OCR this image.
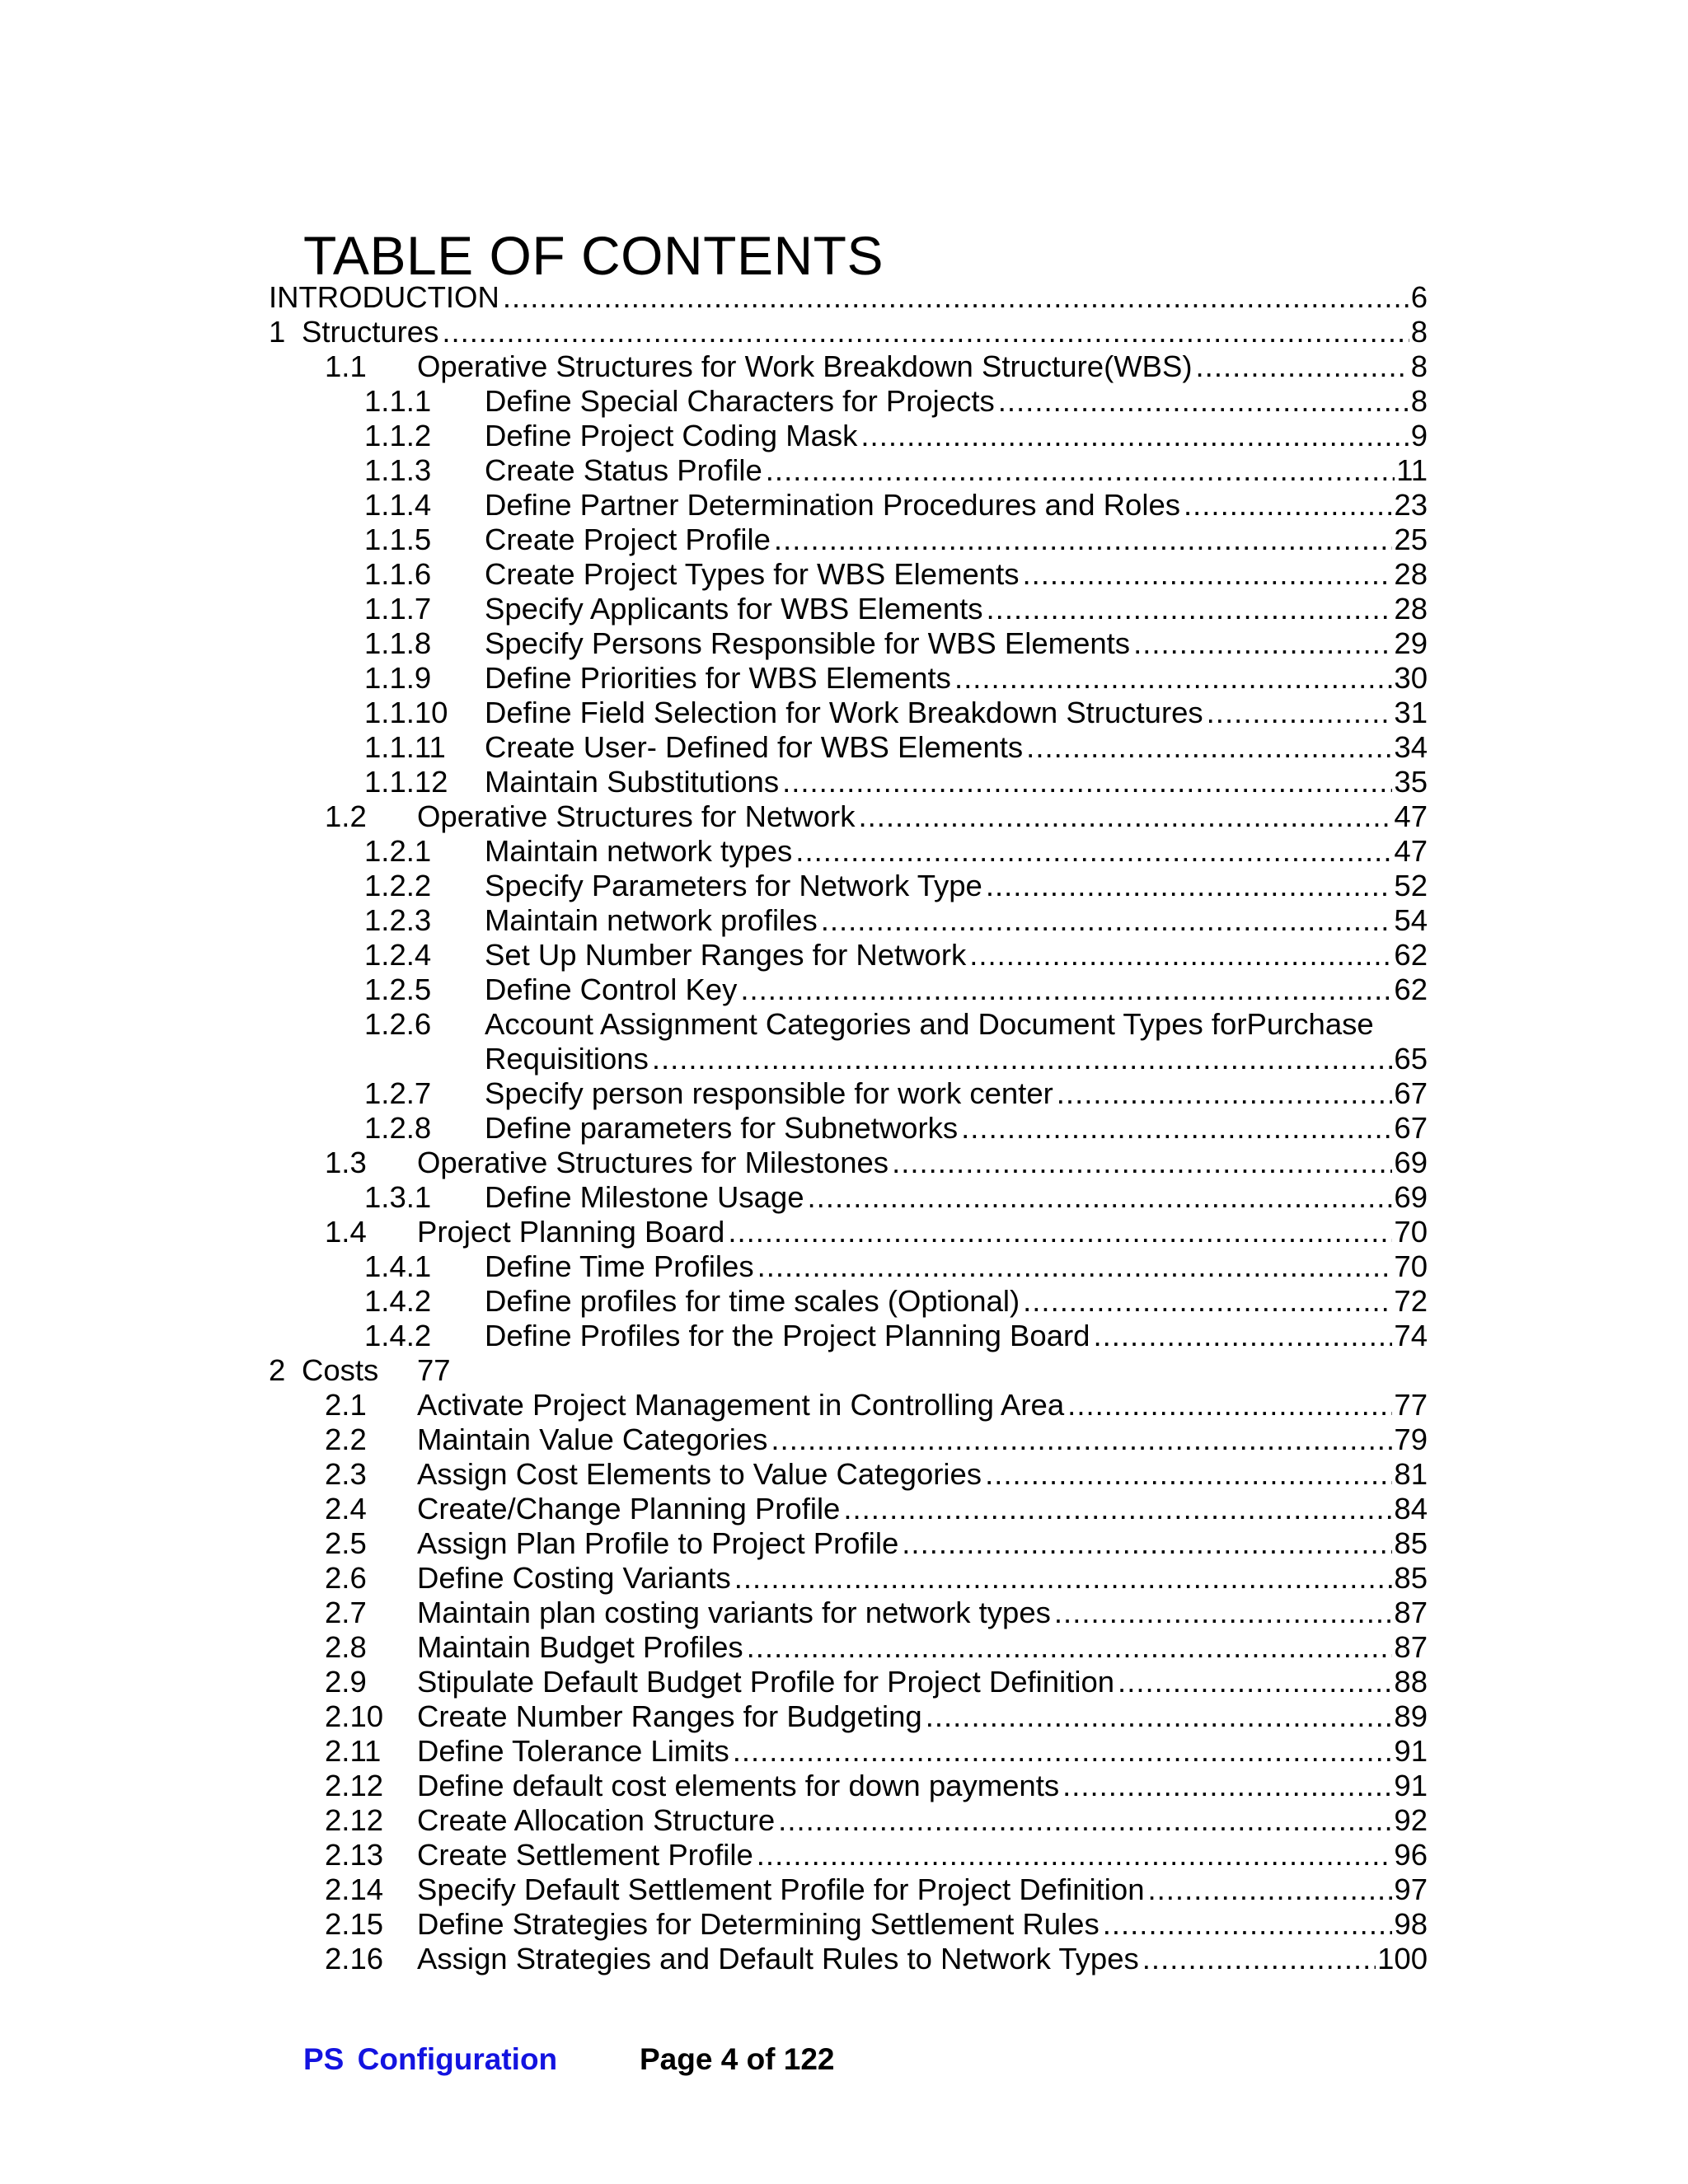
TABLE OF CONTENTS
INTRODUCTION .....	6
1 Structures .....	8
1.1 Operative Structures for Work Breakdown Structure(WBS) .....	8
1.1.1 Define Special Characters for Projects .....	8
1.1.2 Define Project Coding Mask .....	9
1.1.3 Create Status Profile .....	11
1.1.4 Define Partner Determination Procedures and Roles .....	23
1.1.5 Create Project Profile .....	25
1.1.6 Create Project Types for WBS Elements .....	28
1.1.7 Specify Applicants for WBS Elements .....	28
1.1.8 Specify Persons Responsible for WBS Elements .....	29
1.1.9 Define Priorities for WBS Elements .....	30
1.1.10 Define Field Selection for Work Breakdown Structures .....	31
1.1.11 Create User- Defined for WBS Elements .....	34
1.1.12 Maintain Substitutions .....	35
1.2 Operative Structures for Network .....	47
1.2.1 Maintain network types .....	47
1.2.2 Specify Parameters for Network Type .....	52
1.2.3 Maintain network profiles .....	54
1.2.4 Set Up Number Ranges for Network .....	62
1.2.5 Define Control Key .....	62
1.2.6 Account Assignment Categories and Document Types forPurchase
Requisitions .....	65
1.2.7 Specify person responsible for work center .....	67
1.2.8 Define parameters for Subnetworks .....	67
1.3 Operative Structures for Milestones .....	69
1.3.1 Define Milestone Usage .....	69
1.4 Project Planning Board .....	70
1.4.1 Define Time Profiles .....	70
1.4.2 Define profiles for time scales (Optional) .....	72
1.4.2 Define Profiles for the Project Planning Board .....	74
2 Costs 77
2.1 Activate Project Management in Controlling Area .....	77
2.2 Maintain Value Categories .....	79
2.3 Assign Cost Elements to Value Categories .....	81
2.4 Create/Change Planning Profile .....	84
2.5 Assign Plan Profile to Project Profile .....	85
2.6 Define Costing Variants .....	85
2.7 Maintain plan costing variants for network types .....	87
2.8 Maintain Budget Profiles .....	87
2.9 Stipulate Default Budget Profile for Project Definition .....	88
2.10 Create Number Ranges for Budgeting .....	89
2.11 Define Tolerance Limits .....	91
2.12 Define default cost elements for down payments .....	91
2.12 Create Allocation Structure .....	92
2.13 Create Settlement Profile .....	96
2.14 Specify Default Settlement Profile for Project Definition .....	97
2.15 Define Strategies for Determining Settlement Rules .....	98
2.16 Assign Strategies and Default Rules to Network Types .....	100
PS Configuration	Page 4 of 122
